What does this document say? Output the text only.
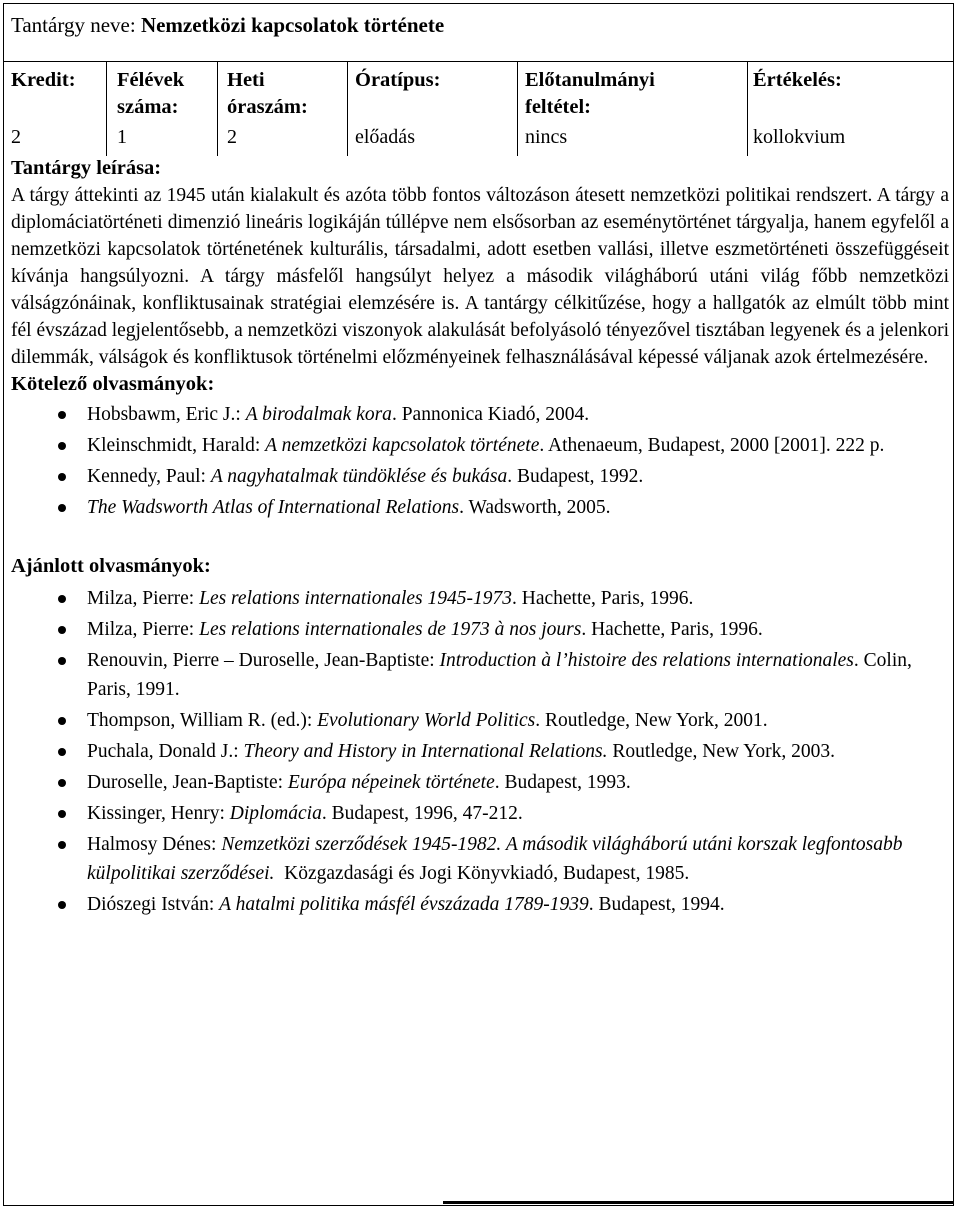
Tantárgy neve: Nemzetközi kapcsolatok története
Kredit:

2
Félévek
száma:
1
Heti
óraszám:
2
Óratípus:

előadás
Előtanulmányi
feltétel:
nincs
Értékelés:

kollokvium
Tantárgy leírása:
A tárgy áttekinti az 1945 után kialakult és azóta több fontos változáson átesett nemzetközi politikai rendszert. A tárgy a diplomáciatörténeti dimenzió lineáris logikáján túllépve nem elsősorban az eseménytörténet tárgyalja, hanem egyfelől a nemzetközi kapcsolatok történetének kulturális, társadalmi, adott esetben vallási, illetve eszmetörténeti összefüggéseit kívánja hangsúlyozni. A tárgy másfelől hangsúlyt helyez a második világháború utáni világ főbb nemzetközi válságzónáinak, konfliktusainak stratégiai elemzésére is. A tantárgy célkitűzése, hogy a hallgatók az elmúlt több mint fél évszázad legjelentősebb, a nemzetközi viszonyok alakulását befolyásoló tényezővel tisztában legyenek és a jelenkori dilemmák, válságok és konfliktusok történelmi előzményeinek felhasználásával képessé váljanak azok értelmezésére.
Kötelező olvasmányok:
Hobsbawm, Eric J.: A birodalmak kora. Pannonica Kiadó, 2004.
Kleinschmidt, Harald: A nemzetközi kapcsolatok története. Athenaeum, Budapest, 2000 [2001]. 222 p.
Kennedy, Paul: A nagyhatalmak tündöklése és bukása. Budapest, 1992.
The Wadsworth Atlas of International Relations. Wadsworth, 2005.
Ajánlott olvasmányok:
Milza, Pierre: Les relations internationales 1945-1973. Hachette, Paris, 1996.
Milza, Pierre: Les relations internationales de 1973 à nos jours. Hachette, Paris, 1996.
Renouvin, Pierre – Duroselle, Jean-Baptiste: Introduction à l’histoire des relations internationales. Colin, Paris, 1991.
Thompson, William R. (ed.): Evolutionary World Politics. Routledge, New York, 2001.
Puchala, Donald J.: Theory and History in International Relations. Routledge, New York, 2003.
Duroselle, Jean-Baptiste: Európa népeinek története. Budapest, 1993.
Kissinger, Henry: Diplomácia. Budapest, 1996, 47-212.
Halmosy Dénes: Nemzetközi szerződések 1945-1982. A második világháború utáni korszak legfontosabb külpolitikai szerződései.  Közgazdasági és Jogi Könyvkiadó, Budapest, 1985.
Diószegi István: A hatalmi politika másfél évszázada 1789-1939. Budapest, 1994.
